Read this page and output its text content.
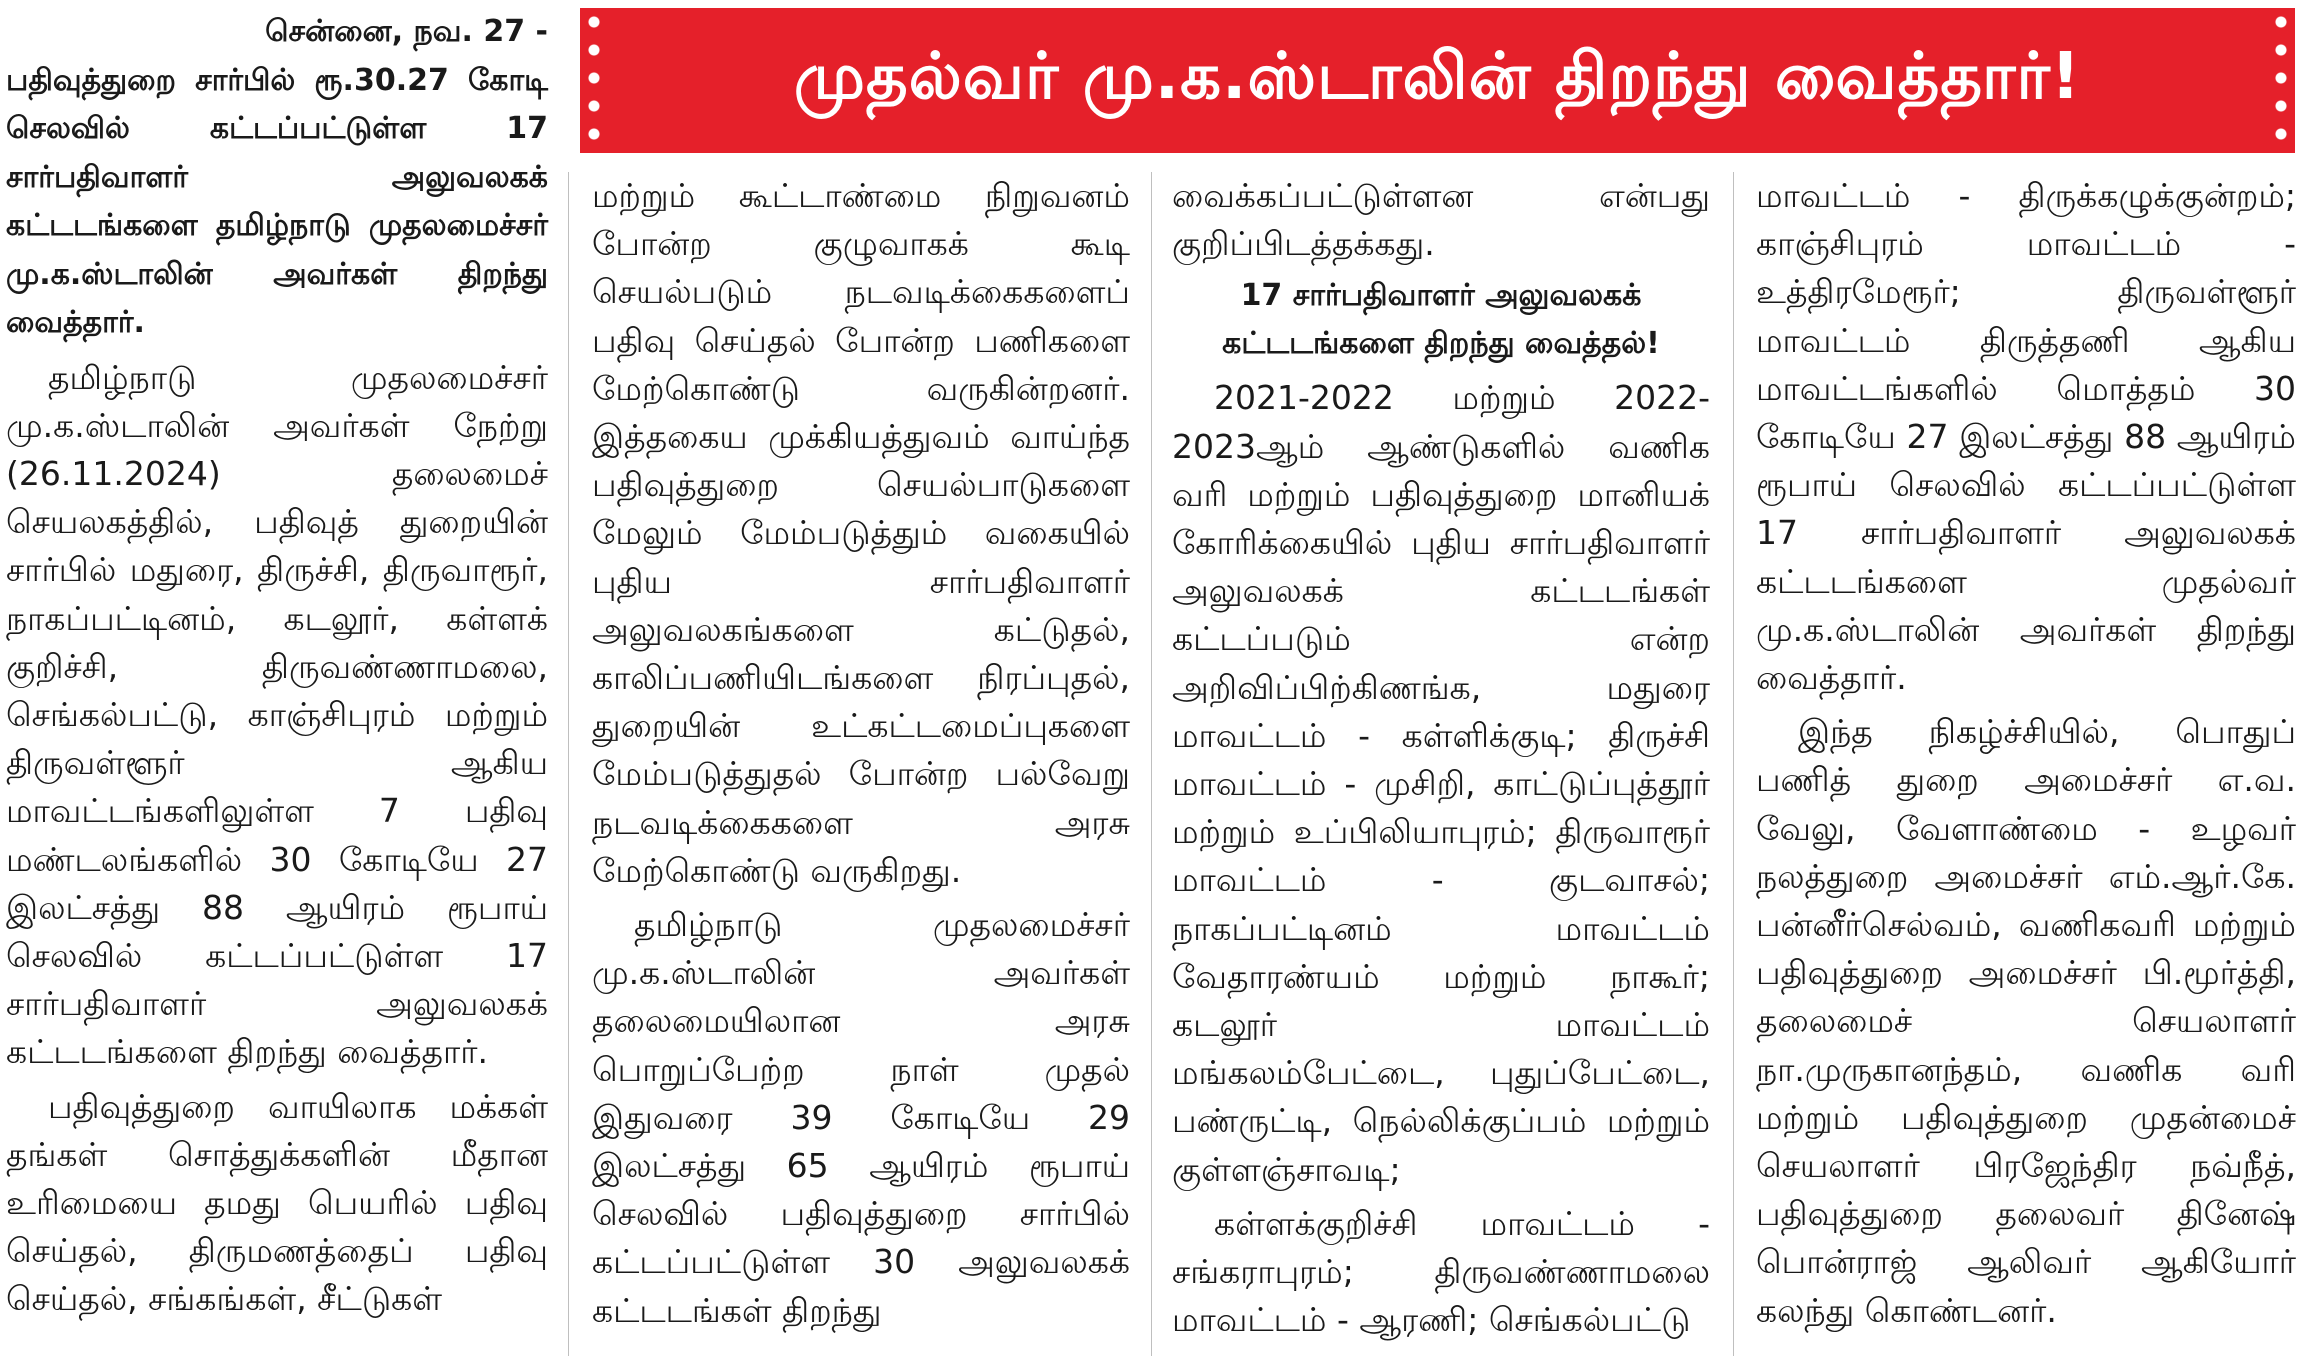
முதல்வர் மு.க.ஸ்டாலின் திறந்து வைத்தார்!

சென்னை, நவ. 27 -
பதிவுத்துறை சார்பில் ரூ.30.27 கோடி செலவில் கட்டப்பட்டுள்ள 17 சார்பதிவாளர் அலுவலகக் கட்டடங்களை தமிழ்நாடு முதலமைச்சர் மு.க.ஸ்டாலின் அவர்கள் திறந்து வைத்தார்.

தமிழ்நாடு முதலமைச்சர் மு.க.ஸ்டாலின் அவர்கள் நேற்று (26.11.2024) தலைமைச் செயலகத்தில், பதிவுத் துறையின் சார்பில் மதுரை, திருச்சி, திருவாரூர், நாகப்பட்டினம், கடலூர், கள்ளக் குறிச்சி, திருவண்ணாமலை, செங்கல்பட்டு, காஞ்சிபுரம் மற்றும் திருவள்ளூர் ஆகிய மாவட்டங்களிலுள்ள 7 பதிவு மண்டலங்களில் 30 கோடியே 27 இலட்சத்து 88 ஆயிரம் ரூபாய் செலவில் கட்டப்பட்டுள்ள 17 சார்பதிவாளர் அலுவலகக் கட்டடங்களை திறந்து வைத்தார்.

பதிவுத்துறை வாயிலாக மக்கள் தங்கள் சொத்துக்களின் மீதான உரிமையை தமது பெயரில் பதிவு செய்தல், திருமணத்தைப் பதிவு செய்தல், சங்கங்கள், சீட்டுகள்

மற்றும் கூட்டாண்மை நிறுவனம் போன்ற குழுவாகக் கூடி செயல்படும் நடவடிக்கைகளைப் பதிவு செய்தல் போன்ற பணிகளை மேற்கொண்டு வருகின்றனர். இத்தகைய முக்கியத்துவம் வாய்ந்த பதிவுத்துறை செயல்பாடுகளை மேலும் மேம்படுத்தும் வகையில் புதிய சார்பதிவாளர் அலுவலகங்களை கட்டுதல், காலிப்பணியிடங்களை நிரப்புதல், துறையின் உட்கட்டமைப்புகளை மேம்படுத்துதல் போன்ற பல்வேறு நடவடிக்கைகளை அரசு மேற்கொண்டு வருகிறது.

தமிழ்நாடு முதலமைச்சர் மு.க.ஸ்டாலின் அவர்கள் தலைமையிலான அரசு பொறுப்பேற்ற நாள் முதல் இதுவரை 39 கோடியே 29 இலட்சத்து 65 ஆயிரம் ரூபாய் செலவில் பதிவுத்துறை சார்பில் கட்டப்பட்டுள்ள 30 அலுவலகக் கட்டடங்கள் திறந்து

வைக்கப்பட்டுள்ளன என்பது குறிப்பிடத்தக்கது.

17 சார்பதிவாளர் அலுவலகக் கட்டடங்களை திறந்து வைத்தல்!

2021-2022 மற்றும் 2022-2023ஆம் ஆண்டுகளில் வணிக வரி மற்றும் பதிவுத்துறை மானியக் கோரிக்கையில் புதிய சார்பதிவாளர் அலுவலகக் கட்டடங்கள் கட்டப்படும் என்ற அறிவிப்பிற்கிணங்க, மதுரை மாவட்டம் - கள்ளிக்குடி; திருச்சி மாவட்டம் - முசிறி, காட்டுப்புத்தூர் மற்றும் உப்பிலியாபுரம்; திருவாரூர் மாவட்டம் - குடவாசல்; நாகப்பட்டினம் மாவட்டம் வேதாரண்யம் மற்றும் நாகூர்; கடலூர் மாவட்டம் மங்கலம்பேட்டை, புதுப்பேட்டை, பண்ருட்டி, நெல்லிக்குப்பம் மற்றும் குள்ளஞ்சாவடி;

கள்ளக்குறிச்சி மாவட்டம் - சங்கராபுரம்; திருவண்ணாமலை மாவட்டம் - ஆரணி; செங்கல்பட்டு

மாவட்டம் - திருக்கழுக்குன்றம்; காஞ்சிபுரம் மாவட்டம் - உத்திரமேரூர்; திருவள்ளூர் மாவட்டம் திருத்தணி ஆகிய மாவட்டங்களில் மொத்தம் 30 கோடியே 27 இலட்சத்து 88 ஆயிரம் ரூபாய் செலவில் கட்டப்பட்டுள்ள 17 சார்பதிவாளர் அலுவலகக் கட்டடங்களை முதல்வர் மு.க.ஸ்டாலின் அவர்கள் திறந்து வைத்தார்.

இந்த நிகழ்ச்சியில், பொதுப் பணித் துறை அமைச்சர் எ.வ. வேலு, வேளாண்மை - உழவர் நலத்துறை அமைச்சர் எம்.ஆர்.கே. பன்னீர்செல்வம், வணிகவரி மற்றும் பதிவுத்துறை அமைச்சர் பி.மூர்த்தி, தலைமைச் செயலாளர் நா.முருகானந்தம், வணிக வரி மற்றும் பதிவுத்துறை முதன்மைச் செயலாளர் பிரஜேந்திர நவ்நீத், பதிவுத்துறை தலைவர் தினேஷ் பொன்ராஜ் ஆலிவர் ஆகியோர் கலந்து கொண்டனர்.
